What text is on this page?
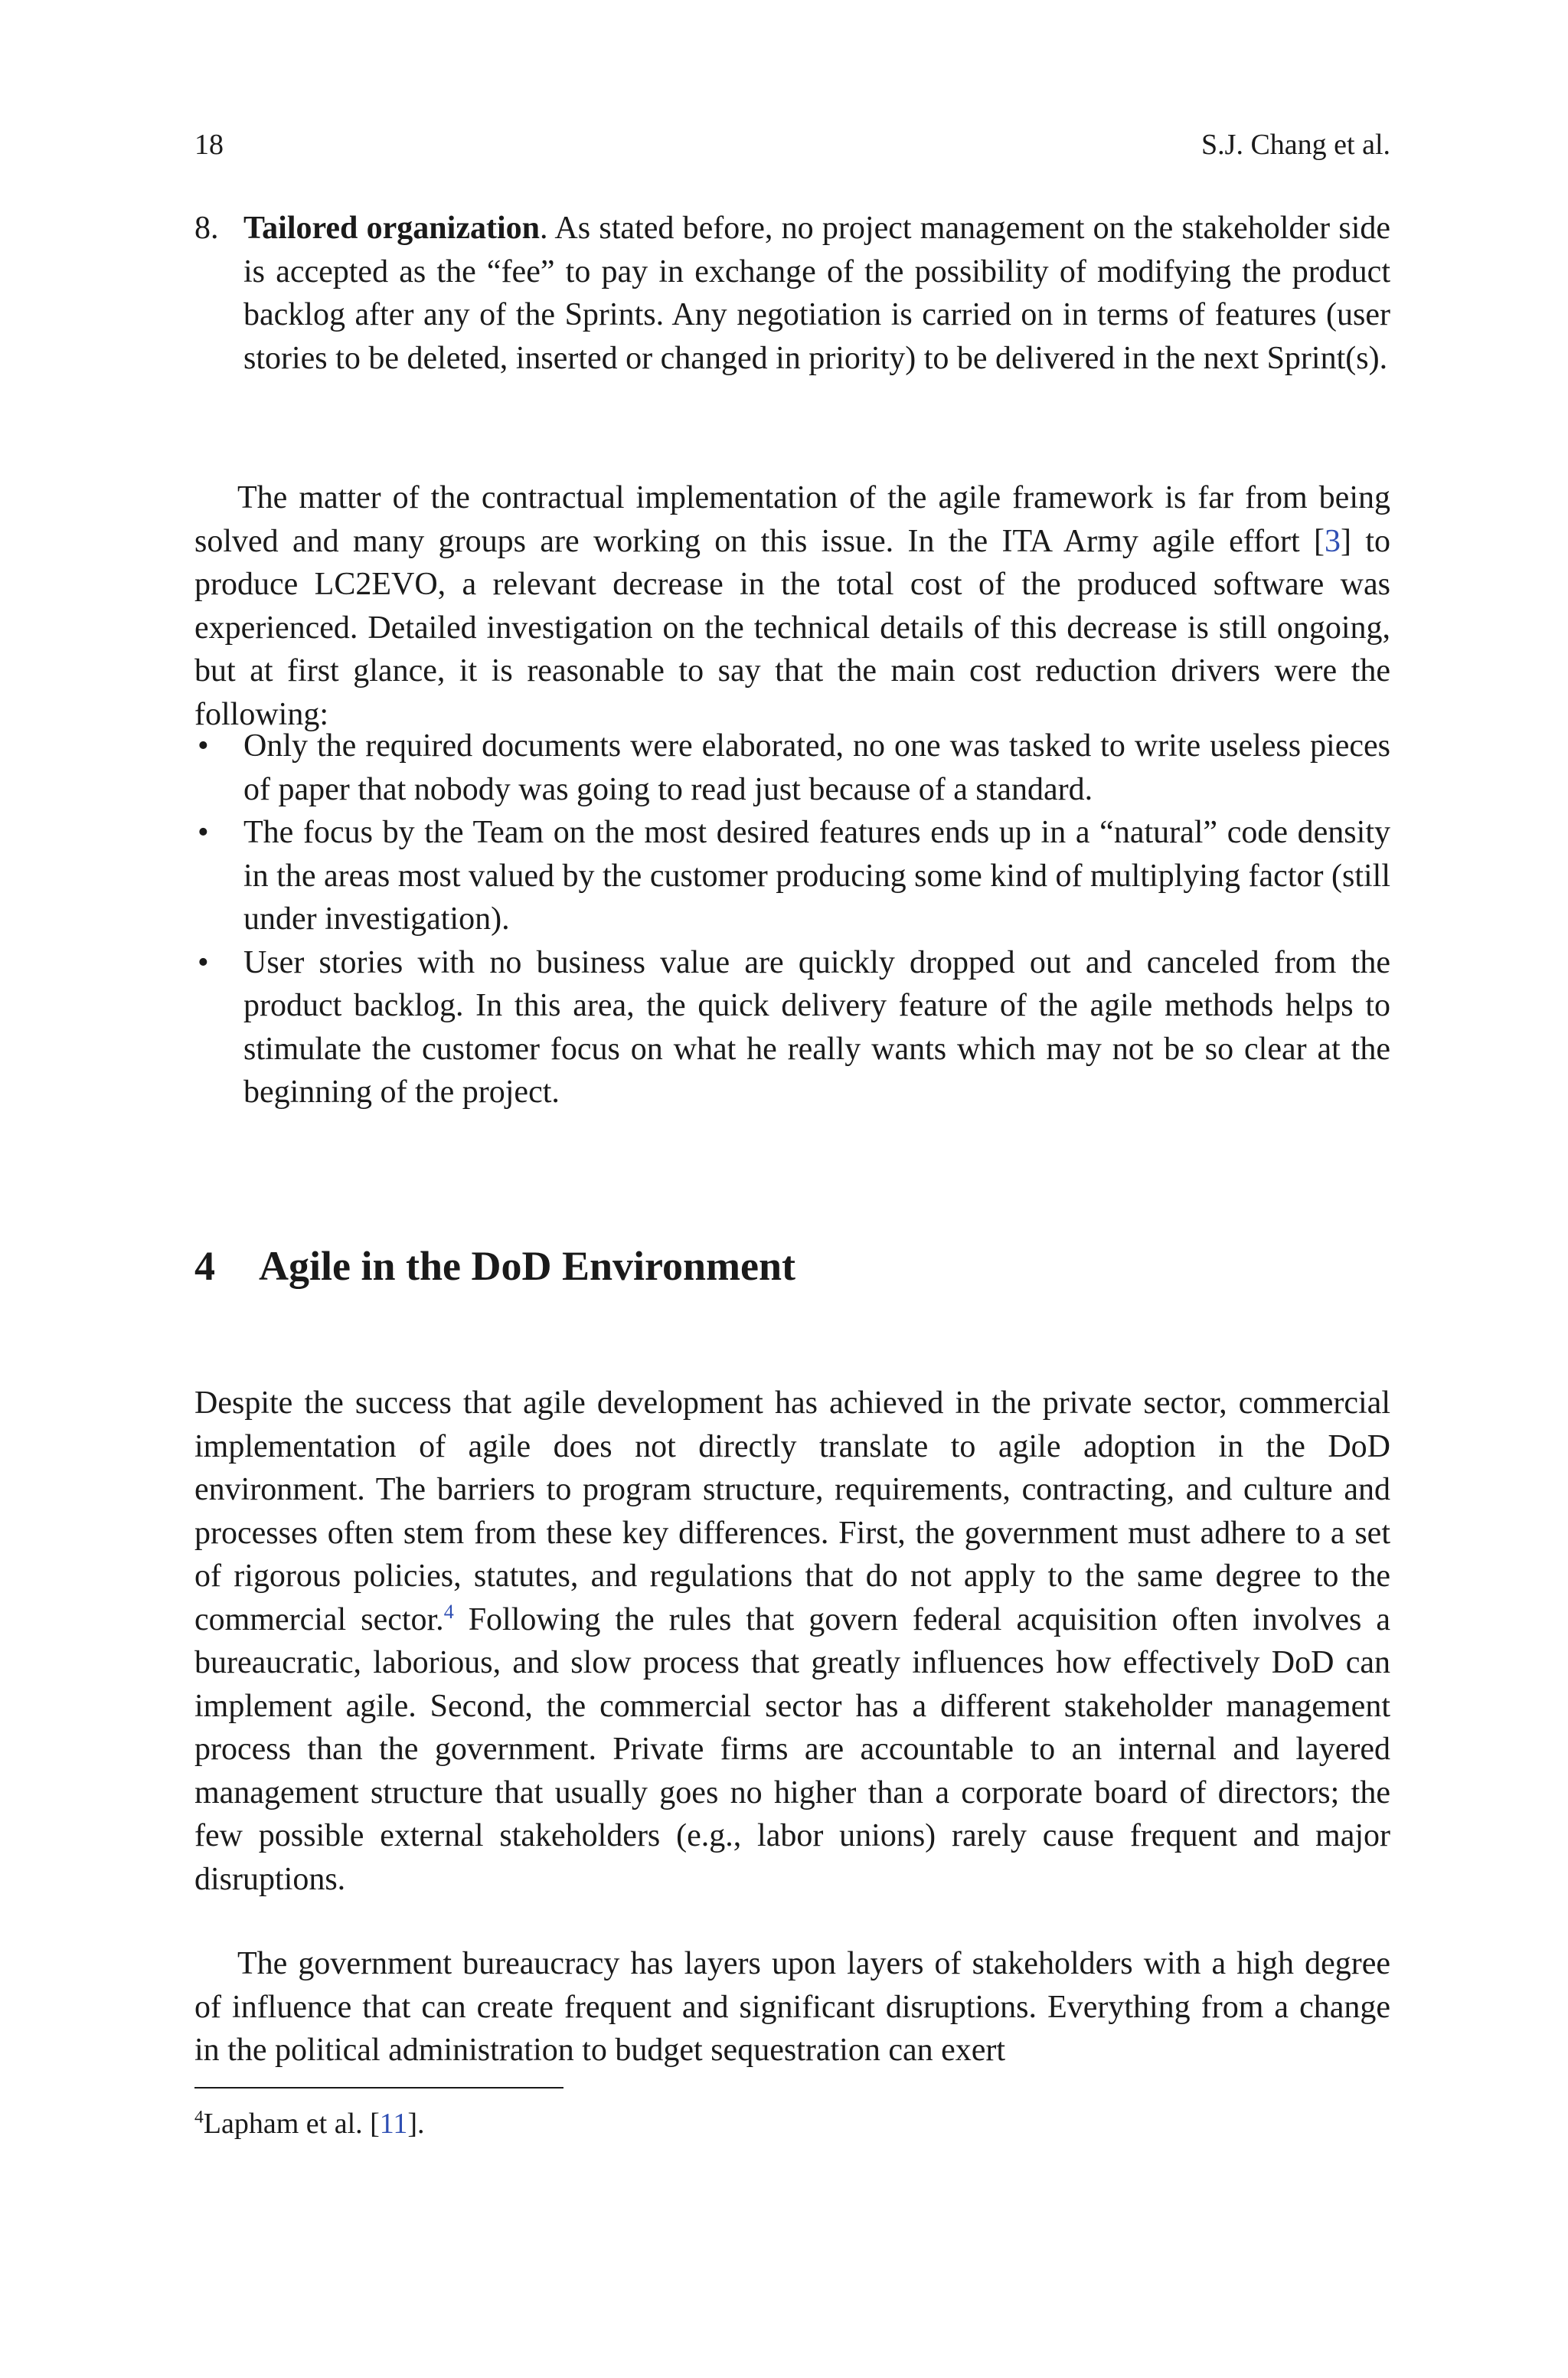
18	S.J. Chang et al.
8. Tailored organization. As stated before, no project management on the stakeholder side is accepted as the “fee” to pay in exchange of the possibility of modifying the product backlog after any of the Sprints. Any negotiation is carried on in terms of features (user stories to be deleted, inserted or changed in priority) to be delivered in the next Sprint(s).

The matter of the contractual implementation of the agile framework is far from being solved and many groups are working on this issue. In the ITA Army agile effort [3] to produce LC2EVO, a relevant decrease in the total cost of the produced software was experienced. Detailed investigation on the technical details of this decrease is still ongoing, but at first glance, it is reasonable to say that the main cost reduction drivers were the following:

• Only the required documents were elaborated, no one was tasked to write useless pieces of paper that nobody was going to read just because of a standard.
• The focus by the Team on the most desired features ends up in a “natural” code density in the areas most valued by the customer producing some kind of multiplying factor (still under investigation).
• User stories with no business value are quickly dropped out and canceled from the product backlog. In this area, the quick delivery feature of the agile methods helps to stimulate the customer focus on what he really wants which may not be so clear at the beginning of the project.
4 Agile in the DoD Environment

Despite the success that agile development has achieved in the private sector, commercial implementation of agile does not directly translate to agile adoption in the DoD environment. The barriers to program structure, requirements, contracting, and culture and processes often stem from these key differences. First, the government must adhere to a set of rigorous policies, statutes, and regulations that do not apply to the same degree to the commercial sector.$^4$ Following the rules that govern federal acquisition often involves a bureaucratic, laborious, and slow process that greatly influences how effectively DoD can implement agile. Second, the commercial sector has a different stakeholder management process than the government. Private firms are accountable to an internal and layered management structure that usually goes no higher than a corporate board of directors; the few possible external stakeholders (e.g., labor unions) rarely cause frequent and major disruptions.

The government bureaucracy has layers upon layers of stakeholders with a high degree of influence that can create frequent and significant disruptions. Everything from a change in the political administration to budget sequestration can exert

$^4$Lapham et al. [11].
